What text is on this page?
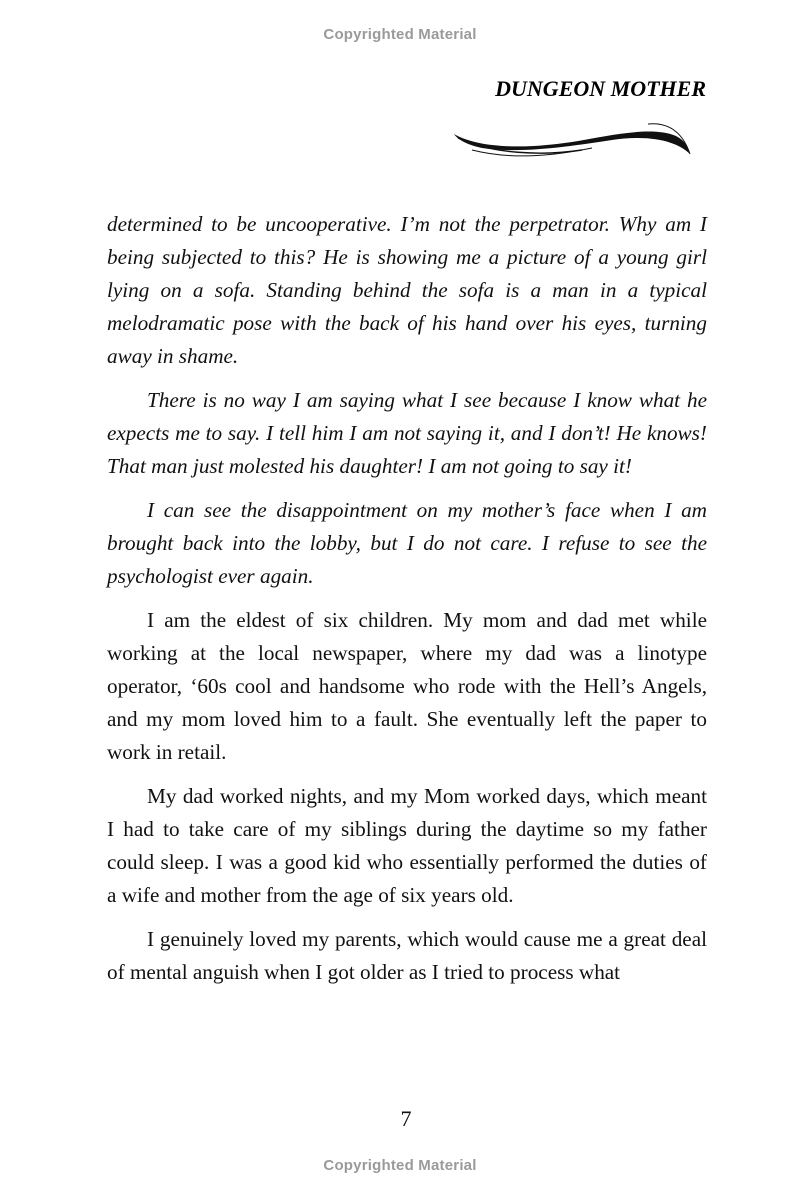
Copyrighted Material
DUNGEON MOTHER

determined to be uncooperative. I’m not the perpetrator. Why am I being subjected to this? He is showing me a picture of a young girl lying on a sofa. Standing behind the sofa is a man in a typical melodramatic pose with the back of his hand over his eyes, turning away in shame.

There is no way I am saying what I see because I know what he expects me to say. I tell him I am not saying it, and I don’t! He knows! That man just molested his daughter! I am not going to say it!

I can see the disappointment on my mother’s face when I am brought back into the lobby, but I do not care. I refuse to see the psychologist ever again.

I am the eldest of six children. My mom and dad met while working at the local newspaper, where my dad was a linotype operator, ‘60s cool and handsome who rode with the Hell’s Angels, and my mom loved him to a fault. She eventually left the paper to work in retail.

My dad worked nights, and my Mom worked days, which meant I had to take care of my siblings during the daytime so my father could sleep. I was a good kid who essentially performed the duties of a wife and mother from the age of six years old.

I genuinely loved my parents, which would cause me a great deal of mental anguish when I got older as I tried to process what

7
Copyrighted Material
